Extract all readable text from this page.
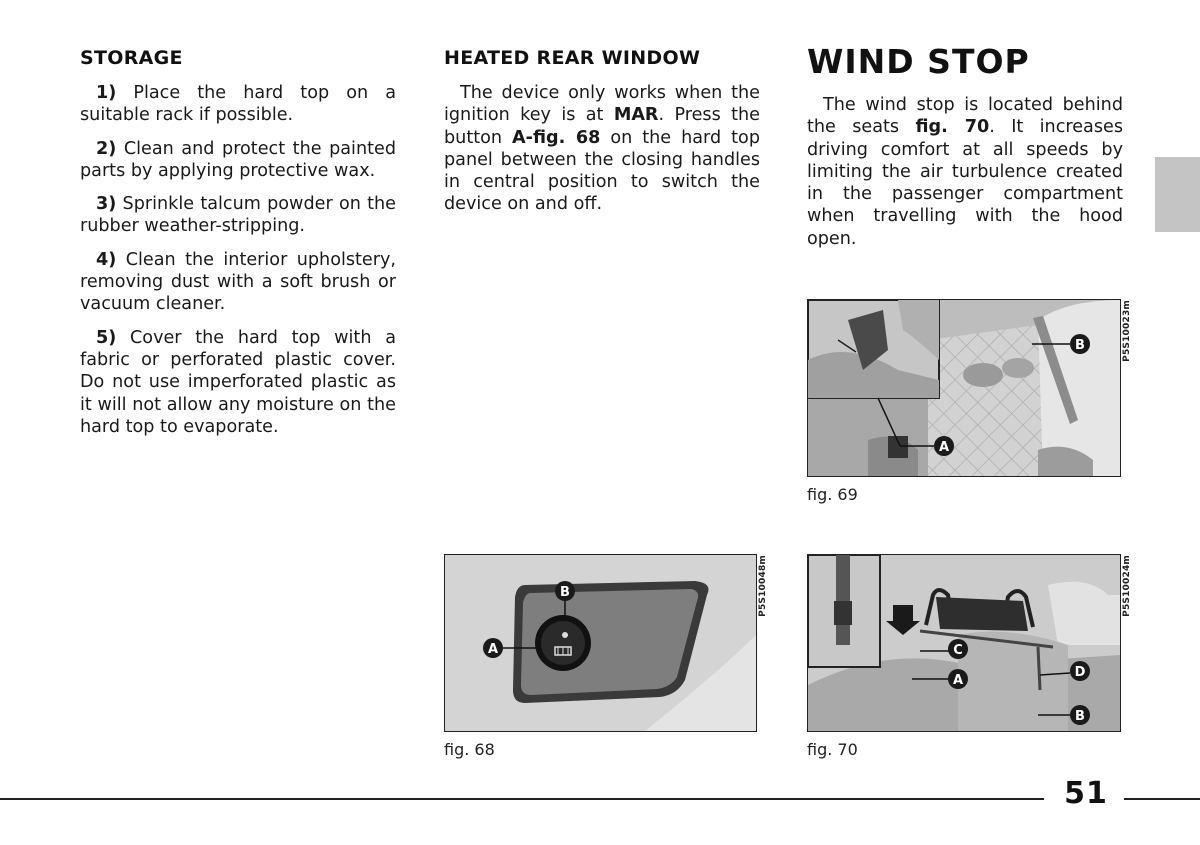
STORAGE

1) Place the hard top on a suitable rack if possible.

2) Clean and protect the painted parts by applying protective wax.

3) Sprinkle talcum powder on the rubber weather-stripping.

4) Clean the interior upholstery, removing dust with a soft brush or vacuum cleaner.

5) Cover the hard top with a fabric or perforated plastic cover. Do not use imperforated plastic as it will not allow any moisture on the hard top to evaporate.

HEATED REAR WINDOW

The device only works when the ignition key is at MAR. Press the button A-fig. 68 on the hard top panel between the closing handles in central position to switch the device on and off.

WIND STOP

The wind stop is located behind the seats fig. 70. It increases driving comfort at all speeds by limiting the air turbulence created in the passenger compartment when travelling with the hood open.

A
B	P5S10023m
fig. 69
B
A
P5S10048m
fig. 68
C
A
D
B
P5S10024m
fig. 70
51
